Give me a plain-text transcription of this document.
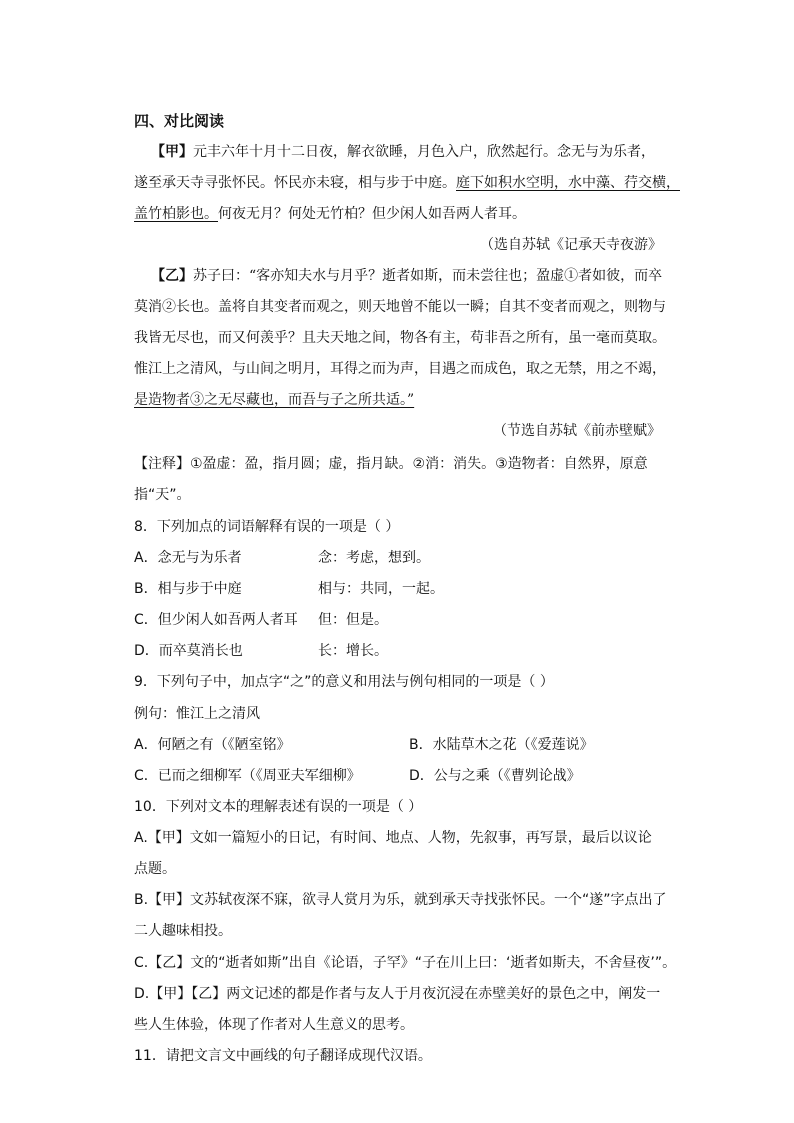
四、对比阅读
【甲】元丰六年十月十二日夜，解衣欲睡，月色入户，欣然起行。念无与为乐者，
遂至承天寺寻张怀民。怀民亦未寝，相与步于中庭。庭下如积水空明，水中藻、荇交横，
盖竹柏影也。何夜无月？何处无竹柏？但少闲人如吾两人者耳。
（选自苏轼《记承天寺夜游》
【乙】苏子曰：“客亦知夫水与月乎？逝者如斯，而未尝往也；盈虚①者如彼，而卒
莫消②长也。盖将自其变者而观之，则天地曾不能以一瞬；自其不变者而观之，则物与
我皆无尽也，而又何羡乎？且夫天地之间，物各有主，苟非吾之所有，虽一毫而莫取。
惟江上之清风，与山间之明月，耳得之而为声，目遇之而成色，取之无禁，用之不竭，
是造物者③之无尽藏也，而吾与子之所共适。”
（节选自苏轼《前赤壁赋》
【注释】①盈虚：盈，指月圆；虚，指月缺。②消：消失。③造物者：自然界，原意
指“天”。
8．下列加点的词语解释有误的一项是（ ）
A．念无与为乐者	念：考虑，想到。
B．相与步于中庭	相与：共同，一起。
C．但少闲人如吾两人者耳 但：但是。
D．而卒莫消长也	长：增长。
9．下列句子中，加点字“之”的意义和用法与例句相同的一项是（ ）
例句：惟江上之清风
A．何陋之有（《陋室铭》	B．水陆草木之花（《爱莲说》
C．已而之细柳军（《周亚夫军细柳》	D．公与之乘（《曹刿论战》
10．下列对文本的理解表述有误的一项是（ ）
A.【甲】文如一篇短小的日记，有时间、地点、人物，先叙事，再写景，最后以议论
点题。
B.【甲】文苏轼夜深不寐，欲寻人赏月为乐，就到承天寺找张怀民。一个“遂”字点出了
二人趣味相投。
C.【乙】文的“逝者如斯”出自《论语，子罕》“子在川上曰：‘逝者如斯夫，不舍昼夜’”。
D.【甲】【乙】两文记述的都是作者与友人于月夜沉浸在赤壁美好的景色之中，阐发一
些人生体验，体现了作者对人生意义的思考。
11．请把文言文中画线的句子翻译成现代汉语。
